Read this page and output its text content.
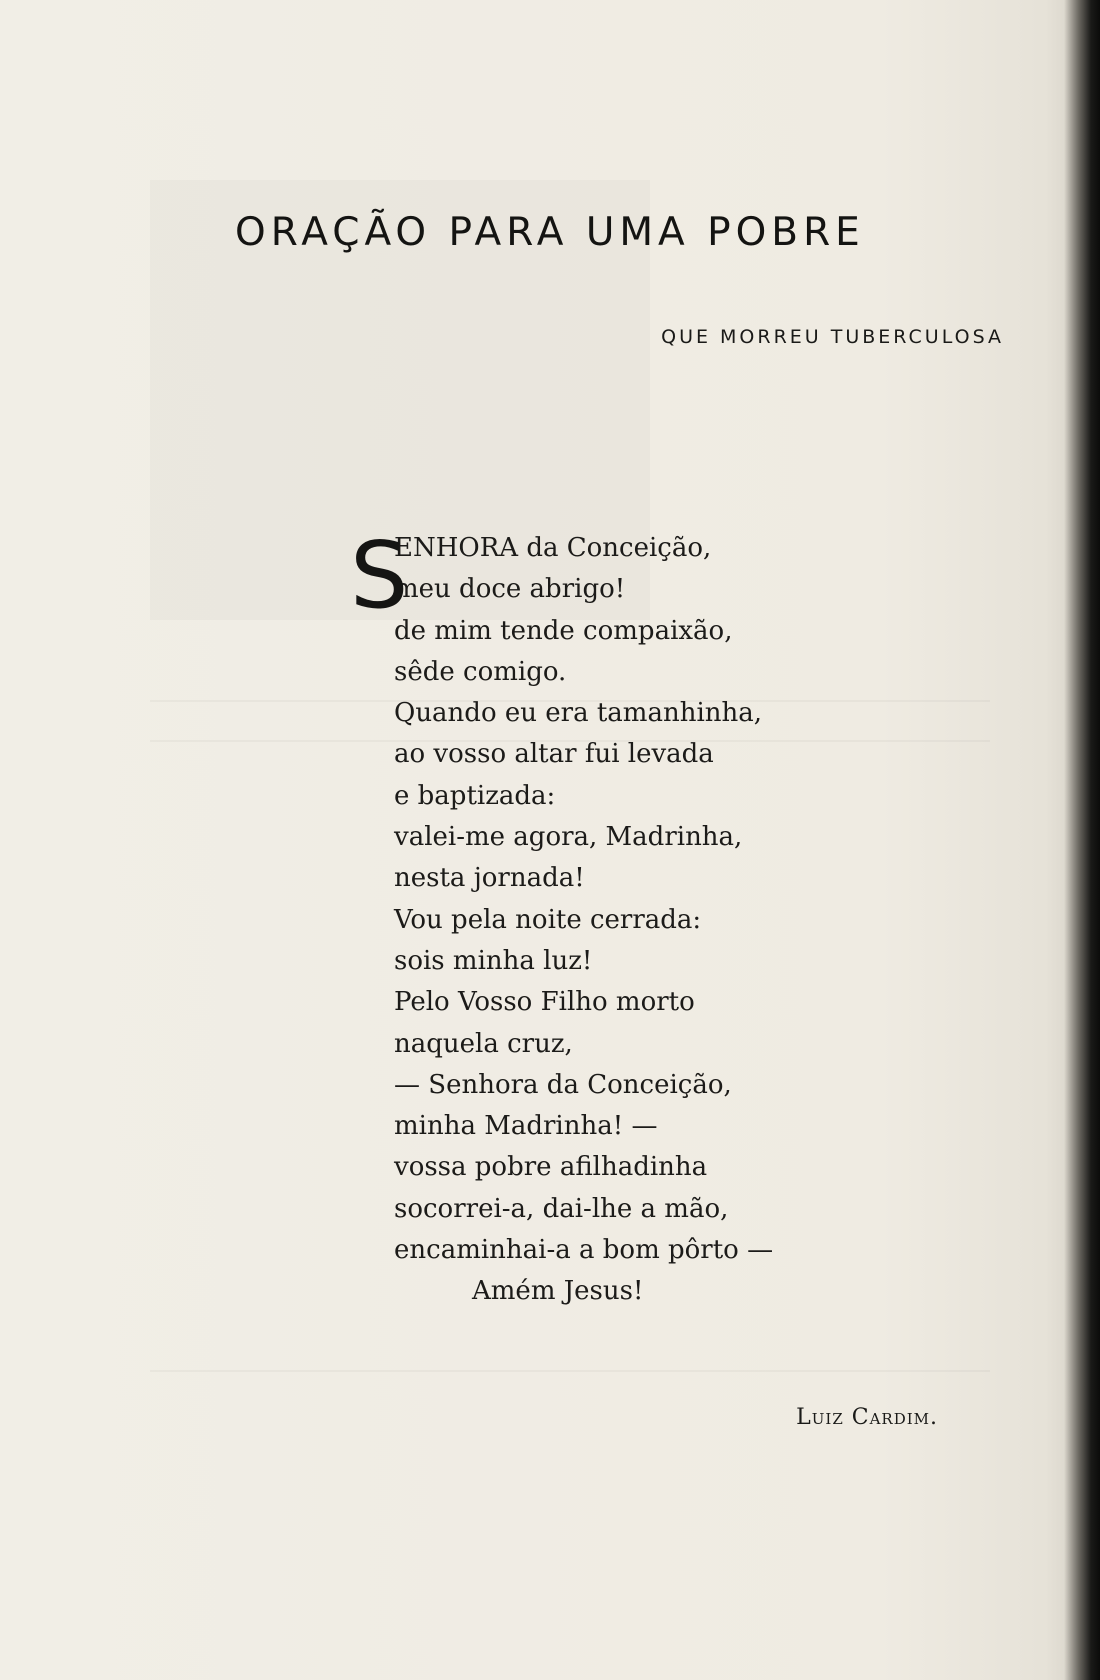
ORAÇÃO PARA UMA POBRE
QUE MORREU TUBERCULOSA
S
ENHORA da Conceição,
meu doce abrigo!
de mim tende compaixão,
sêde comigo.
Quando eu era tamanhinha,
ao vosso altar fui levada
e baptizada:
valei-me agora, Madrinha,
nesta jornada!
Vou pela noite cerrada:
sois minha luz!
Pelo Vosso Filho morto
naquela cruz,
— Senhora da Conceição,
minha Madrinha! —
vossa pobre afilhadinha
socorrei-a, dai-lhe a mão,
encaminhai-a a bom pôrto —
Amém Jesus!
Luiz Cardim.
